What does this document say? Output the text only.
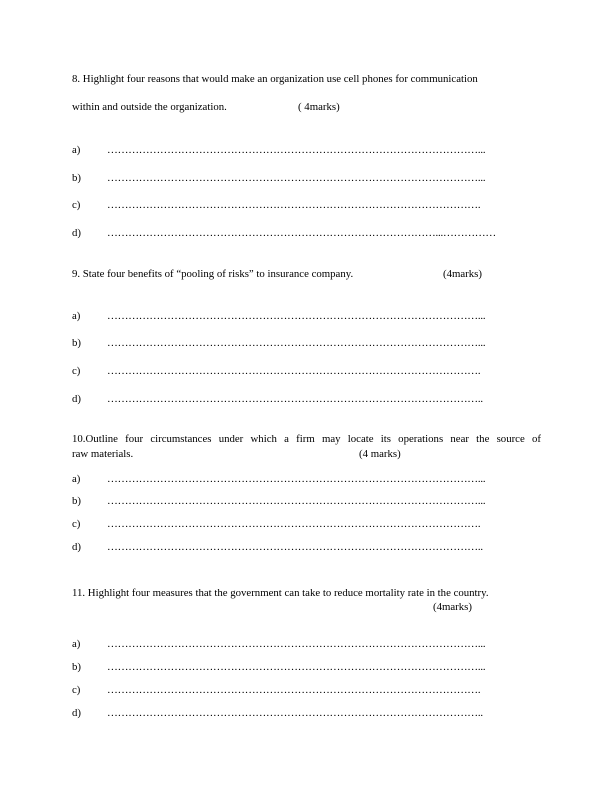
8. Highlight four reasons that would make an organization use cell phones for communication
within and outside the organization.	( 4marks)
a) ……………………………………………………………………………………………...
b) ……………………………………………………………………………………………...
c) …………………………………………………………………………………………….
d) …………………………………………………………………………………...……………
9. State four benefits of “pooling of risks” to insurance company.	(4marks)
a) ……………………………………………………………………………………………...
b) ……………………………………………………………………………………………...
c) …………………………………………………………………………………………….
d) ……………………………………………………………………………………………..
10.Outline four circumstances under which a firm may locate its operations near the source of
raw materials.	(4 marks)
a) ……………………………………………………………………………………………...
b) ……………………………………………………………………………………………...
c) …………………………………………………………………………………………….
d) ……………………………………………………………………………………………..
11. Highlight four measures that the government can take to reduce mortality rate in the country.
(4marks)
a) ……………………………………………………………………………………………...
b) ……………………………………………………………………………………………...
c) …………………………………………………………………………………………….
d) ……………………………………………………………………………………………..
